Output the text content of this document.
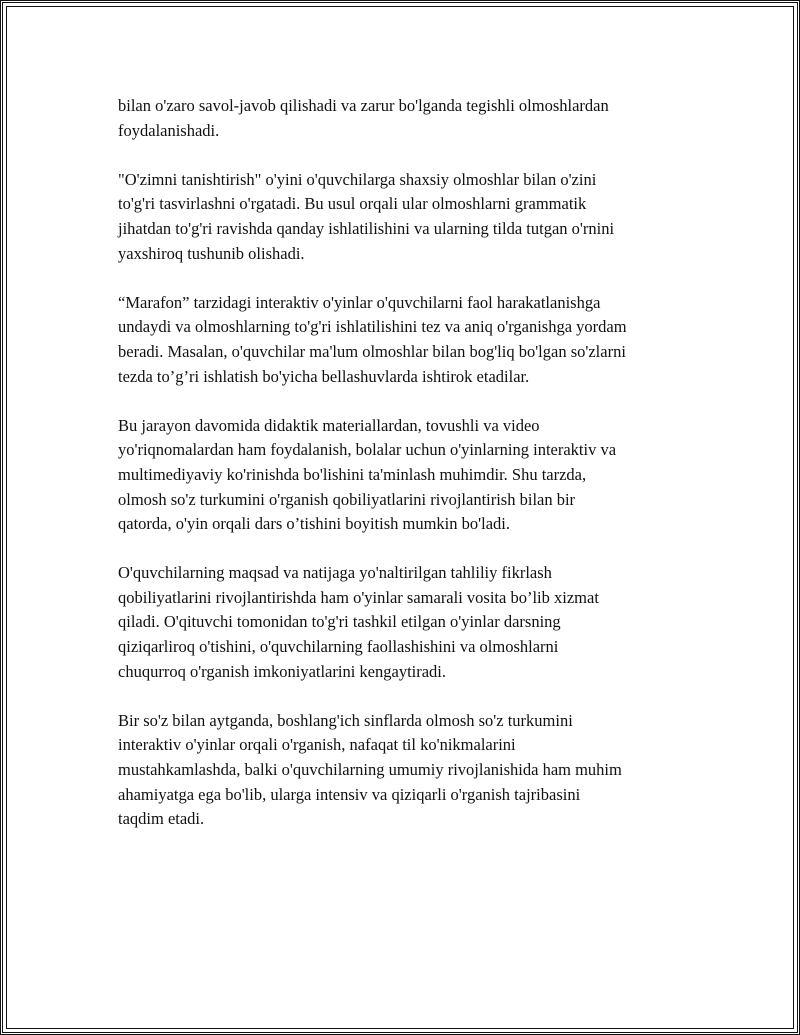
bilan o'zaro savol-javob qilishadi va zarur bo'lganda tegishli olmoshlardan
foydalanishadi.

"O'zimni tanishtirish" o'yini o'quvchilarga shaxsiy olmoshlar bilan o'zini
to'g'ri tasvirlashni o'rgatadi. Bu usul orqali ular olmoshlarni grammatik
jihatdan to'g'ri ravishda qanday ishlatilishini va ularning tilda tutgan o'rnini
yaxshiroq tushunib olishadi.

“Marafon” tarzidagi interaktiv o'yinlar o'quvchilarni faol harakatlanishga
undaydi va olmoshlarning to'g'ri ishlatilishini tez va aniq o'rganishga yordam
beradi. Masalan, o'quvchilar ma'lum olmoshlar bilan bog'liq bo'lgan so'zlarni
tezda to’g’ri ishlatish bo'yicha bellashuvlarda ishtirok etadilar.

Bu jarayon davomida didaktik materiallardan, tovushli va video
yo'riqnomalardan ham foydalanish, bolalar uchun o'yinlarning interaktiv va
multimediyaviy ko'rinishda bo'lishini ta'minlash muhimdir. Shu tarzda,
olmosh so'z turkumini o'rganish qobiliyatlarini rivojlantirish bilan bir
qatorda, o'yin orqali dars o’tishini boyitish mumkin bo'ladi.

O'quvchilarning maqsad va natijaga yo'naltirilgan tahliliy fikrlash
qobiliyatlarini rivojlantirishda ham o'yinlar samarali vosita bo’lib xizmat
qiladi. O'qituvchi tomonidan to'g'ri tashkil etilgan o'yinlar darsning
qiziqarliroq o'tishini, o'quvchilarning faollashishini va olmoshlarni
chuqurroq o'rganish imkoniyatlarini kengaytiradi.

Bir so'z bilan aytganda, boshlang'ich sinflarda olmosh so'z turkumini
interaktiv o'yinlar orqali o'rganish, nafaqat til ko'nikmalarini
mustahkamlashda, balki o'quvchilarning umumiy rivojlanishida ham muhim
ahamiyatga ega bo'lib, ularga intensiv va qiziqarli o'rganish tajribasini
taqdim etadi.
